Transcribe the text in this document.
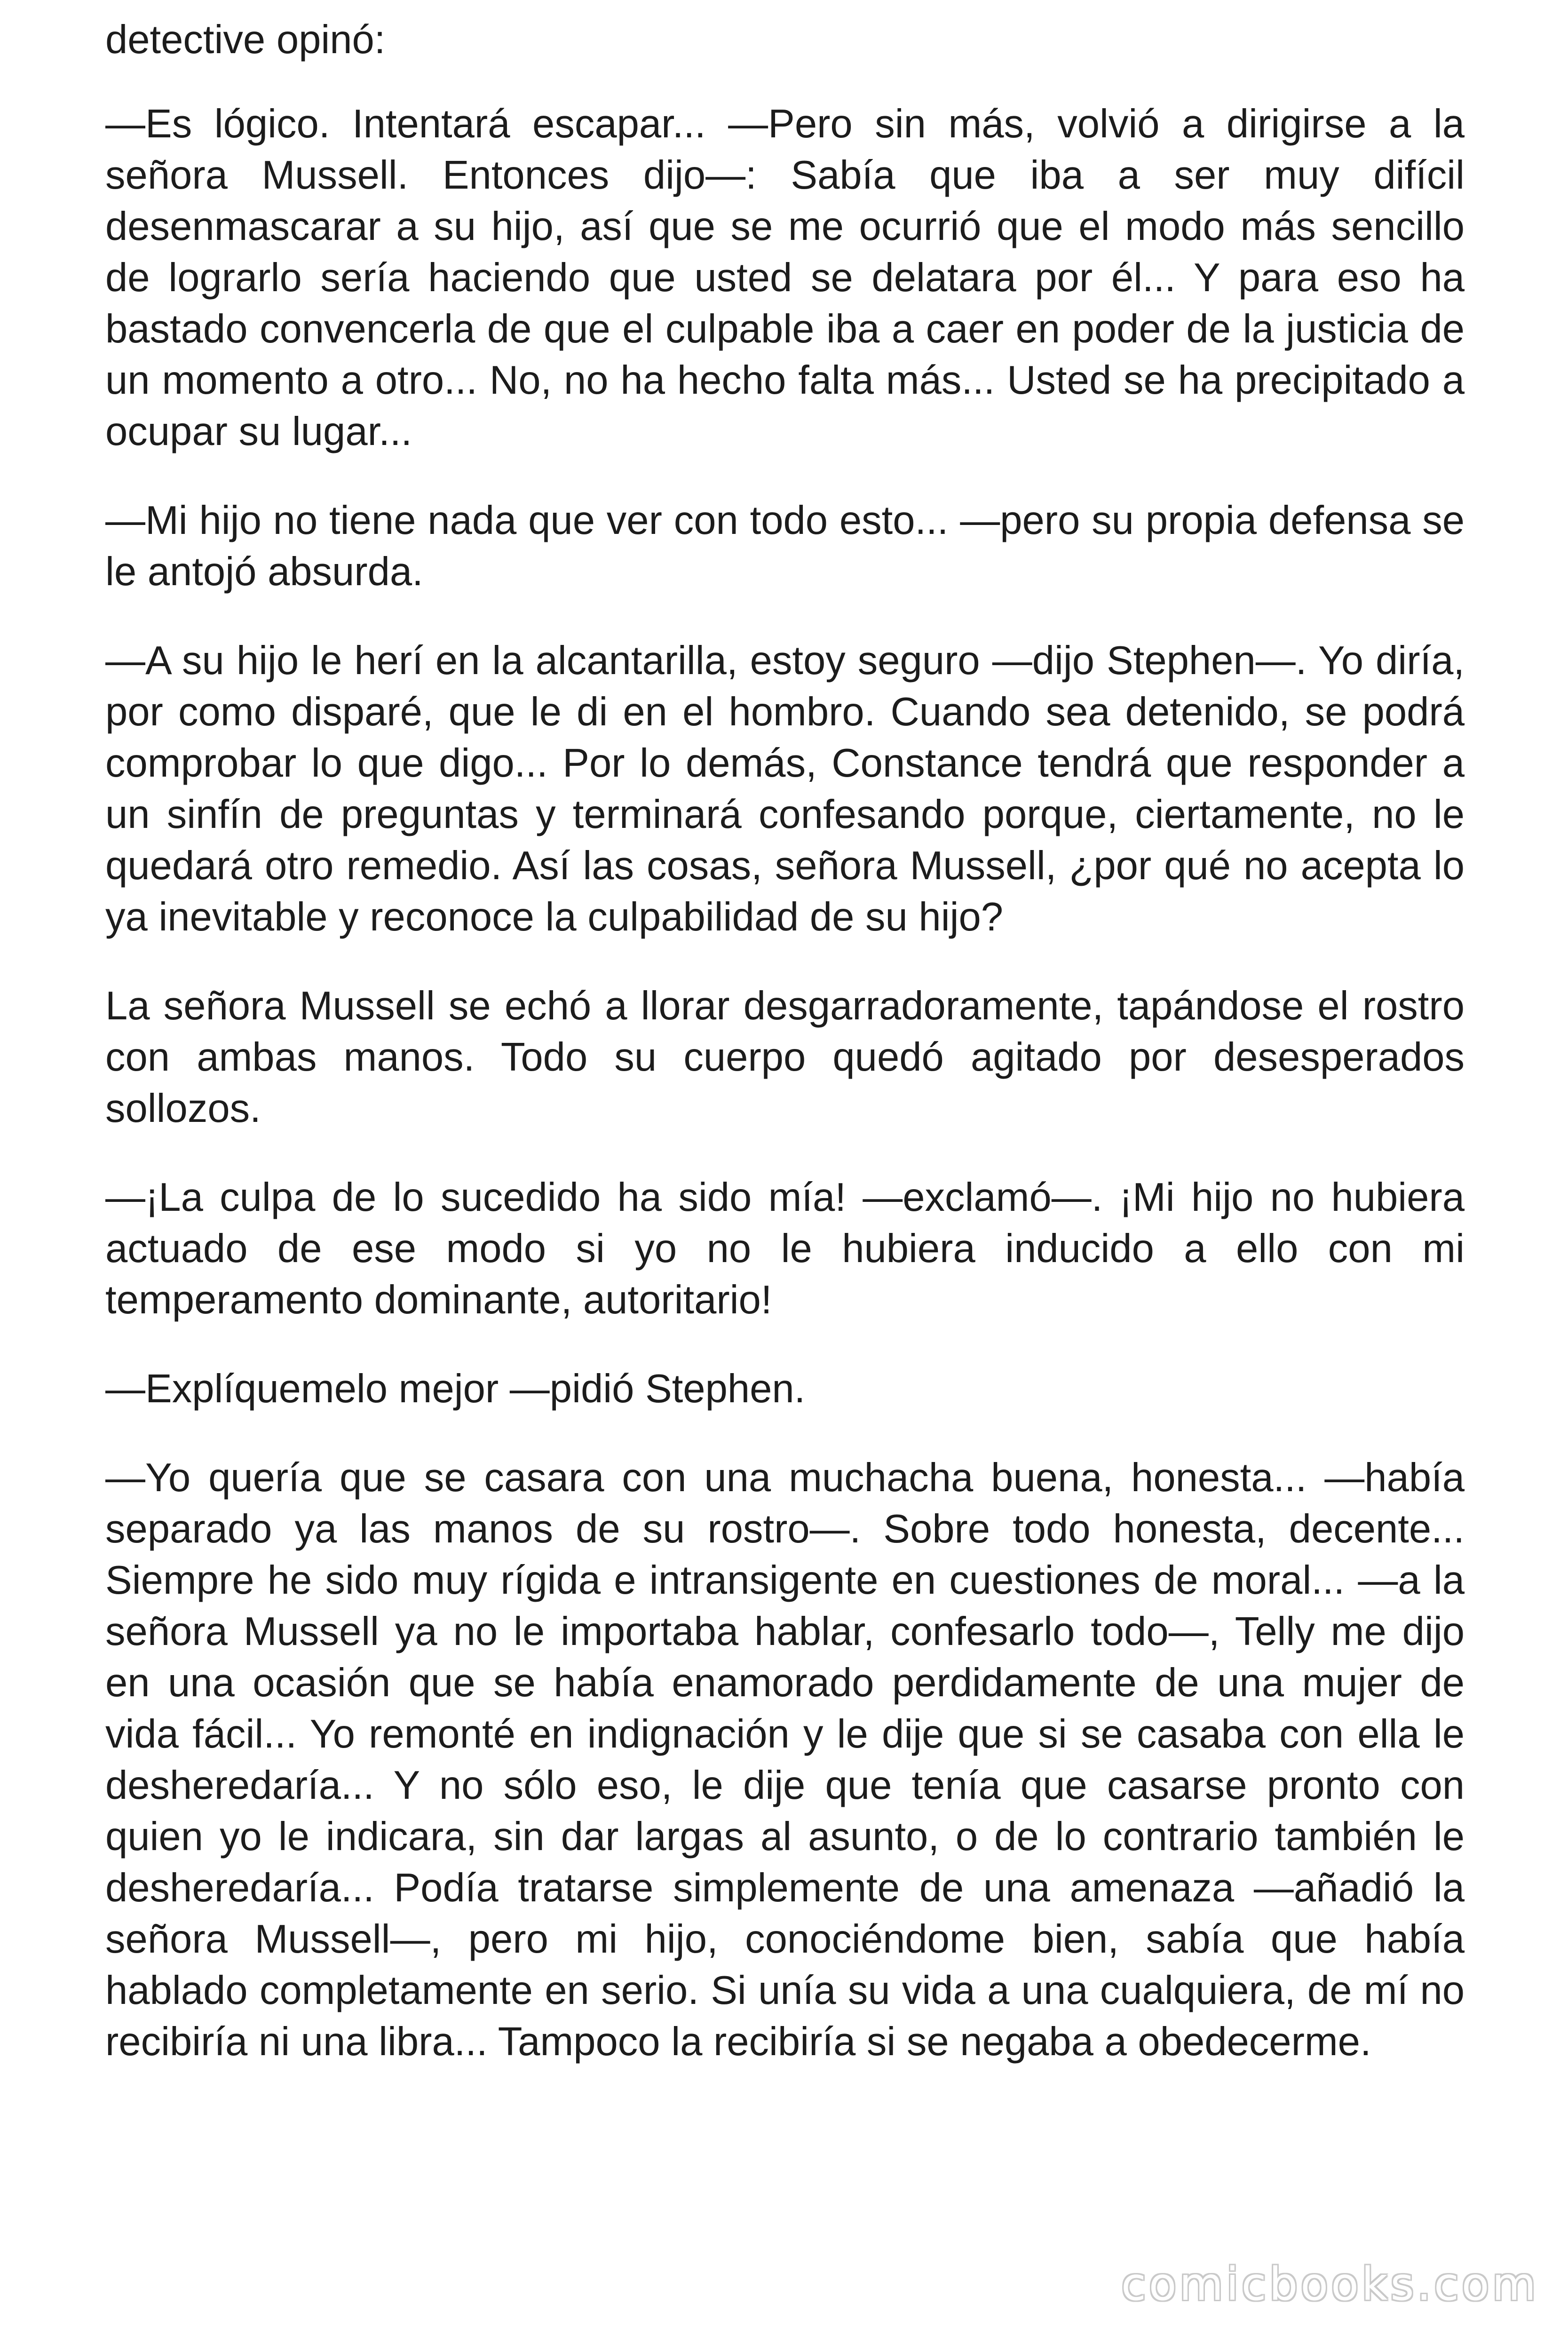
detective opinó:

—Es lógico. Intentará escapar... —Pero sin más, volvió a dirigirse a la señora Mussell. Entonces dijo—: Sabía que iba a ser muy difícil desenmascarar a su hijo, así que se me ocurrió que el modo más sencillo de lograrlo sería haciendo que usted se delatara por él... Y para eso ha bastado convencerla de que el culpable iba a caer en poder de la justicia de un momento a otro... No, no ha hecho falta más... Usted se ha precipitado a ocupar su lugar...

—Mi hijo no tiene nada que ver con todo esto... —pero su propia defensa se le antojó absurda.

—A su hijo le herí en la alcantarilla, estoy seguro —dijo Stephen—. Yo diría, por como disparé, que le di en el hombro. Cuando sea detenido, se podrá comprobar lo que digo... Por lo demás, Constance tendrá que responder a un sinfín de preguntas y terminará confesando porque, ciertamente, no le quedará otro remedio. Así las cosas, señora Mussell, ¿por qué no acepta lo ya inevitable y reconoce la culpabilidad de su hijo?

La señora Mussell se echó a llorar desgarradoramente, tapándose el rostro con ambas manos. Todo su cuerpo quedó agitado por desesperados sollozos.

—¡La culpa de lo sucedido ha sido mía! —exclamó—. ¡Mi hijo no hubiera actuado de ese modo si yo no le hubiera inducido a ello con mi temperamento dominante, autoritario!

—Explíquemelo mejor —pidió Stephen.

—Yo quería que se casara con una muchacha buena, honesta... —había separado ya las manos de su rostro—. Sobre todo honesta, decente... Siempre he sido muy rígida e intransigente en cuestiones de moral... —a la señora Mussell ya no le importaba hablar, confesarlo todo—, Telly me dijo en una ocasión que se había enamorado perdidamente de una mujer de vida fácil... Yo remonté en indignación y le dije que si se casaba con ella le desheredaría... Y no sólo eso, le dije que tenía que casarse pronto con quien yo le indicara, sin dar largas al asunto, o de lo contrario también le desheredaría... Podía tratarse simplemente de una amenaza —añadió la señora Mussell—, pero mi hijo, conociéndome bien, sabía que había hablado completamente en serio. Si unía su vida a una cualquiera, de mí no recibiría ni una libra... Tampoco la recibiría si se negaba a obedecerme.

comicbooks.com
